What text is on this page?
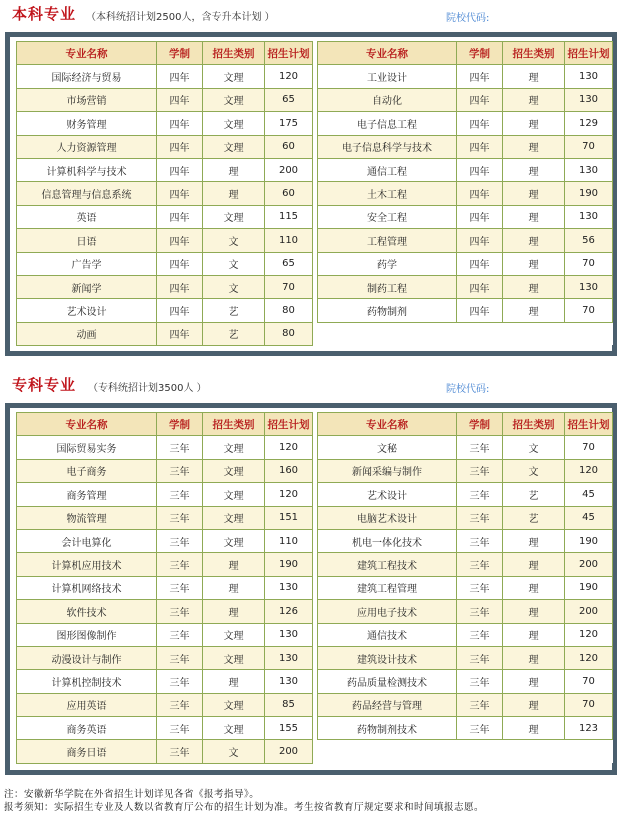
本科专业 （本科统招计划2500人，含专升本计划 ）	院校代码:
专业名称	学制	招生类别	招生计划
国际经济与贸易	四年	文理	120
市场营销	四年	文理	65
财务管理	四年	文理	175
人力资源管理	四年	文理	60
计算机科学与技术	四年	理	200
信息管理与信息系统	四年	理	60
英语	四年	文理	115
日语	四年	文	110
广告学	四年	文	65
新闻学	四年	文	70
艺术设计	四年	艺	80
动画	四年	艺	80
专业名称	学制	招生类别	招生计划
工业设计	四年	理	130
自动化	四年	理	130
电子信息工程	四年	理	129
电子信息科学与技术	四年	理	70
通信工程	四年	理	130
土木工程	四年	理	190
安全工程	四年	理	130
工程管理	四年	理	56
药学	四年	理	70
制药工程	四年	理	130
药物制剂	四年	理	70

专科专业 （专科统招计划3500人 ）	院校代码:
专业名称	学制	招生类别	招生计划
国际贸易实务	三年	文理	120
电子商务	三年	文理	160
商务管理	三年	文理	120
物流管理	三年	文理	151
会计电算化	三年	文理	110
计算机应用技术	三年	理	190
计算机网络技术	三年	理	130
软件技术	三年	理	126
图形图像制作	三年	文理	130
动漫设计与制作	三年	文理	130
计算机控制技术	三年	理	130
应用英语	三年	文理	85
商务英语	三年	文理	155
商务日语	三年	文	200
专业名称	学制	招生类别	招生计划
文秘	三年	文	70
新闻采编与制作	三年	文	120
艺术设计	三年	艺	45
电脑艺术设计	三年	艺	45
机电一体化技术	三年	理	190
建筑工程技术	三年	理	200
建筑工程管理	三年	理	190
应用电子技术	三年	理	200
通信技术	三年	理	120
建筑设计技术	三年	理	120
药品质量检测技术	三年	理	70
药品经营与管理	三年	理	70
药物制剂技术	三年	理	123

注：安徽新华学院在外省招生计划详见各省《报考指导》。
报考须知：实际招生专业及人数以省教育厅公布的招生计划为准。考生按省教育厅规定要求和时间填报志愿。
